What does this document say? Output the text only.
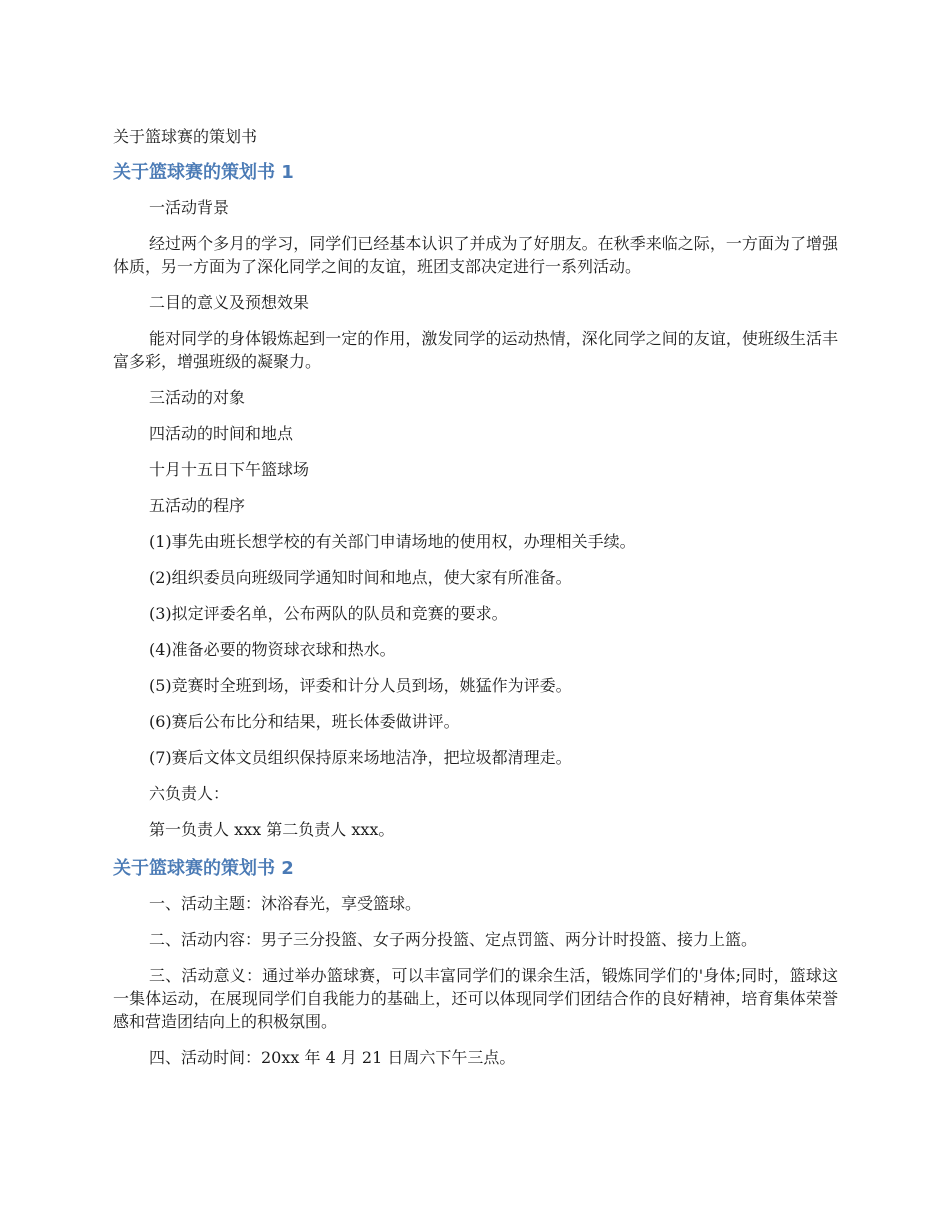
关于篮球赛的策划书
关于篮球赛的策划书 1

一活动背景

经过两个多月的学习，同学们已经基本认识了并成为了好朋友。在秋季来临之际，一方面为了增强体质，另一方面为了深化同学之间的友谊，班团支部决定进行一系列活动。

二目的意义及预想效果

能对同学的身体锻炼起到一定的作用，激发同学的运动热情，深化同学之间的友谊，使班级生活丰富多彩，增强班级的凝聚力。

三活动的对象

四活动的时间和地点

十月十五日下午篮球场

五活动的程序

(1)事先由班长想学校的有关部门申请场地的使用权，办理相关手续。

(2)组织委员向班级同学通知时间和地点，使大家有所准备。

(3)拟定评委名单，公布两队的队员和竞赛的要求。

(4)准备必要的物资球衣球和热水。

(5)竞赛时全班到场，评委和计分人员到场，姚猛作为评委。

(6)赛后公布比分和结果，班长体委做讲评。

(7)赛后文体文员组织保持原来场地洁净，把垃圾都清理走。

六负责人：

第一负责人 xxx 第二负责人 xxx。

关于篮球赛的策划书 2

一、活动主题：沐浴春光，享受篮球。

二、活动内容：男子三分投篮、女子两分投篮、定点罚篮、两分计时投篮、接力上篮。

三、活动意义：通过举办篮球赛，可以丰富同学们的课余生活，锻炼同学们的'身体;同时，篮球这一集体运动，在展现同学们自我能力的基础上，还可以体现同学们团结合作的良好精神，培育集体荣誉感和营造团结向上的积极氛围。

四、活动时间：20xx 年 4 月 21 日周六下午三点。
